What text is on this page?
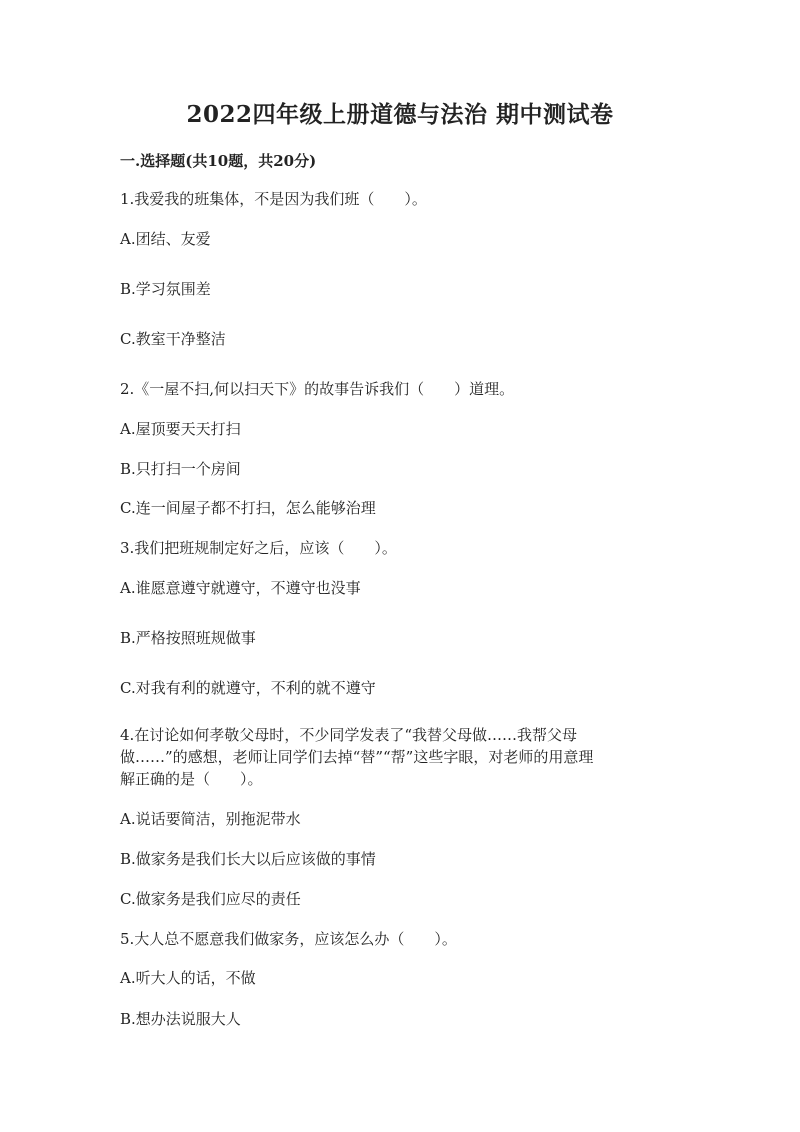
2022四年级上册道德与法治 期中测试卷
一.选择题(共10题，共20分)
1.我爱我的班集体，不是因为我们班（　　）。
A.团结、友爱
B.学习氛围差
C.教室干净整洁
2.《一屋不扫,何以扫天下》的故事告诉我们（　　）道理。
A.屋顶要天天打扫
B.只打扫一个房间
C.连一间屋子都不打扫，怎么能够治理
3.我们把班规制定好之后，应该（　　）。
A.谁愿意遵守就遵守，不遵守也没事
B.严格按照班规做事
C.对我有利的就遵守，不利的就不遵守
4.在讨论如何孝敬父母时，不少同学发表了“我替父母做……我帮父母
做……”的感想，老师让同学们去掉“替”“帮”这些字眼，对老师的用意理
解正确的是（　　）。
A.说话要简洁，别拖泥带水
B.做家务是我们长大以后应该做的事情
C.做家务是我们应尽的责任
5.大人总不愿意我们做家务，应该怎么办（　　）。
A.听大人的话，不做
B.想办法说服大人
